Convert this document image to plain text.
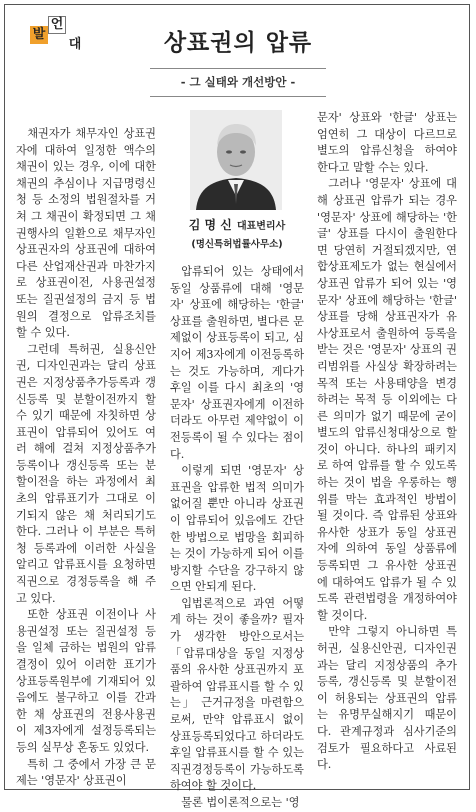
발
언
대	상표권의 압류
- 그 실태와 개선방안 -

채권자가 채무자인 상표권자에 대하여 일정한 액수의 채권이 있는 경우, 이에 대한 채권의 추심이나 지급명령신청 등 소정의 법원절차를 거쳐 그 채권이 확정되면 그 채권행사의 일환으로 채무자인 상표권자의 상표권에 대하여 다른 산업재산권과 마찬가지로 상표권이전, 사용권설정 또는 질권설정의 금지 등 법원의 결정으로 압류조치를 할 수 있다.

그런데 특허권, 실용신안권, 디자인권과는 달리 상표권은 지정상품추가등록과 갱신등록 및 분할이전까지 할 수 있기 때문에 자칫하면 상표권이 압류되어 있어도 여러 해에 걸쳐 지정상품추가등록이나 갱신등록 또는 분할이전을 하는 과정에서 최초의 압류표기가 그대로 이기되지 않은 채 처리되기도 한다. 그러나 이 부분은 특허청 등록과에 이러한 사실을 알리고 압류표시를 요청하면 직권으로 경정등록을 해 주고 있다.

또한 상표권 이전이나 사용권설정 또는 질권설정 등을 일체 금하는 법원의 압류결정이 있어 이러한 표기가 상표등록원부에 기재되어 있음에도 불구하고 이를 간과한 채 상표권의 전용사용권이 제3자에게 설정등록되는 등의 실무상 혼동도 있었다.

특히 그 중에서 가장 큰 문제는 '영문자' 상표권이

김 명 신 대표변리사
(명신특허법률사무소)

압류되어 있는 상태에서 동일 상품류에 대해 '영문자' 상표에 해당하는 '한글' 상표를 출원하면, 별다른 문제없이 상표등록이 되고, 심지어 제3자에게 이전등록하는 것도 가능하며, 게다가 후일 이를 다시 최초의 '영문자' 상표권자에게 이전하더라도 아무런 제약없이 이전등록이 될 수 있다는 점이다.

이렇게 되면 '영문자' 상표권을 압류한 법적 의미가 없어질 뿐만 아니라 상표권이 압류되어 있음에도 간단한 방법으로 법망을 회피하는 것이 가능하게 되어 이를 방지할 수단을 강구하지 않으면 안되게 된다.

입법론적으로 과연 어떻게 하는 것이 좋을까? 필자가 생각한 방안으로서는 「압류대상을 동일 지정상품의 유사한 상표권까지 포괄하여 압류표시를 할 수 있는」 근거규정을 마련함으로써, 만약 압류표시 없이 상표등록되었다고 하더라도 후일 압류표시를 할 수 있는 직권경정등록이 가능하도록 하여야 할 것이다.

물론 법이론적으로는 '영

문자' 상표와 '한글' 상표는 엄연히 그 대상이 다르므로 별도의 압류신청을 하여야 한다고 말할 수는 있다.

그러나 '영문자' 상표에 대해 상표권 압류가 되는 경우 '영문자' 상표에 해당하는 '한글' 상표를 다시이 출원한다면 당연히 거절되겠지만, 연합상표제도가 없는 현실에서 상표권 압류가 되어 있는 '영문자' 상표에 해당하는 '한글' 상표를 당해 상표권자가 유사상표로서 출원하여 등록을 받는 것은 '영문자' 상표의 권리범위를 사실상 확장하려는 목적 또는 사용태양을 변경하려는 목적 등 이외에는 다른 의미가 없기 때문에 굳이 별도의 압류신청대상으로 할 것이 아니다. 하나의 패키지로 하여 압류를 할 수 있도록 하는 것이 법을 우롱하는 행위를 막는 효과적인 방법이 될 것이다. 즉 압류된 상표와 유사한 상표가 동일 상표권자에 의하여 동일 상품류에 등록되면 그 유사한 상표권에 대하여도 압류가 될 수 있도록 관련법령을 개정하여야 할 것이다.

만약 그렇지 아니하면 특허권, 실용신안권, 디자인권과는 달리 지정상품의 추가등록, 갱신등록 및 분할이전이 허용되는 상표권의 압류는 유명무실해지기 때문이다. 관계규정과 심사기준의 검토가 필요하다고 사료된다.
